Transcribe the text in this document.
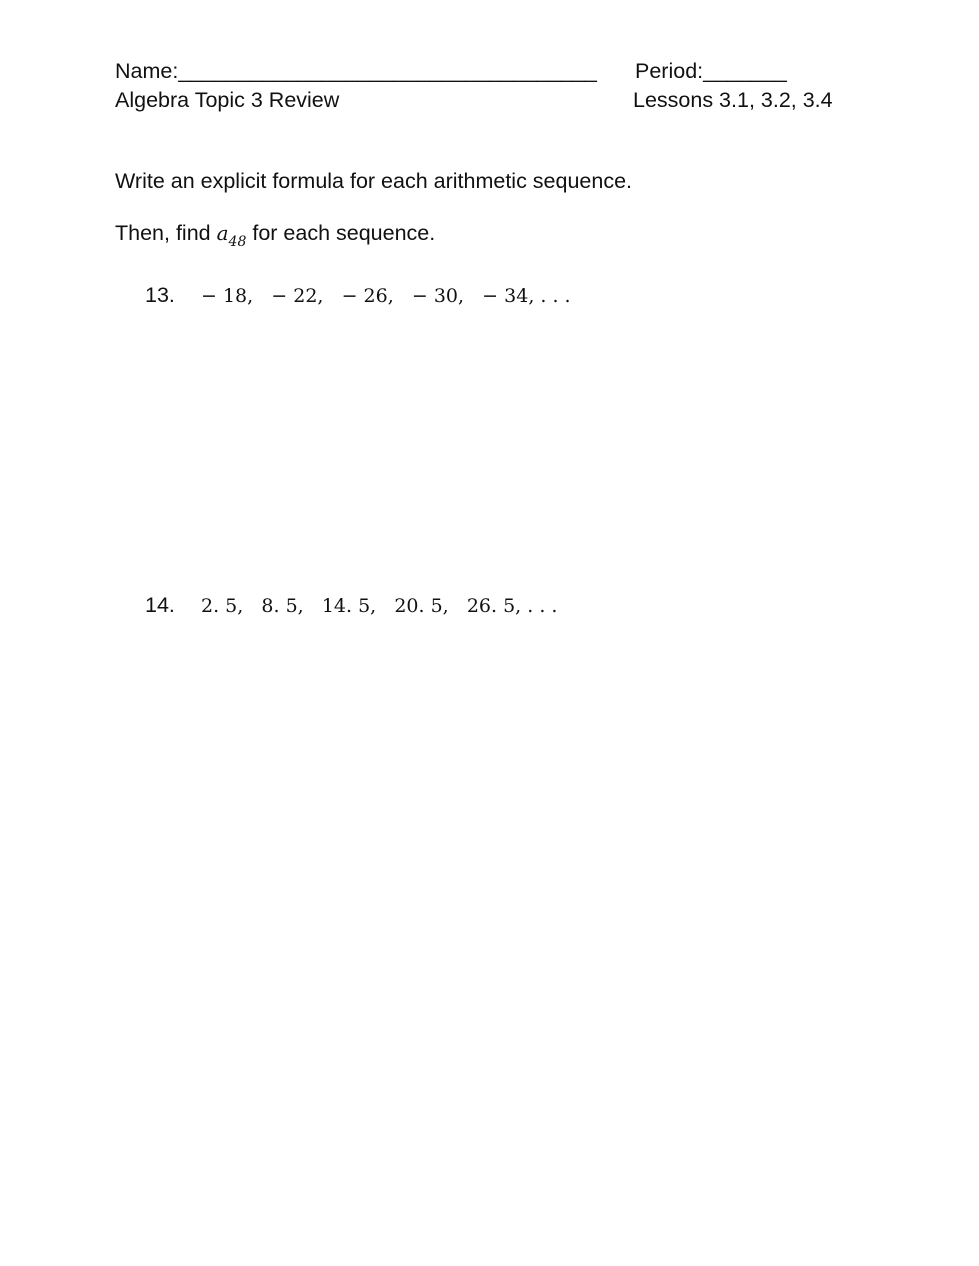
Name:___________________________________ Period:_______
Algebra Topic 3 Review	Lessons 3.1, 3.2, 3.4
Write an explicit formula for each arithmetic sequence.
Then, find $a_{48}$ for each sequence.
13. − 18,   − 22,   − 26,   − 30,   − 34, . . .
14. 2. 5,   8. 5,   14. 5,   20. 5,   26. 5, . . .
